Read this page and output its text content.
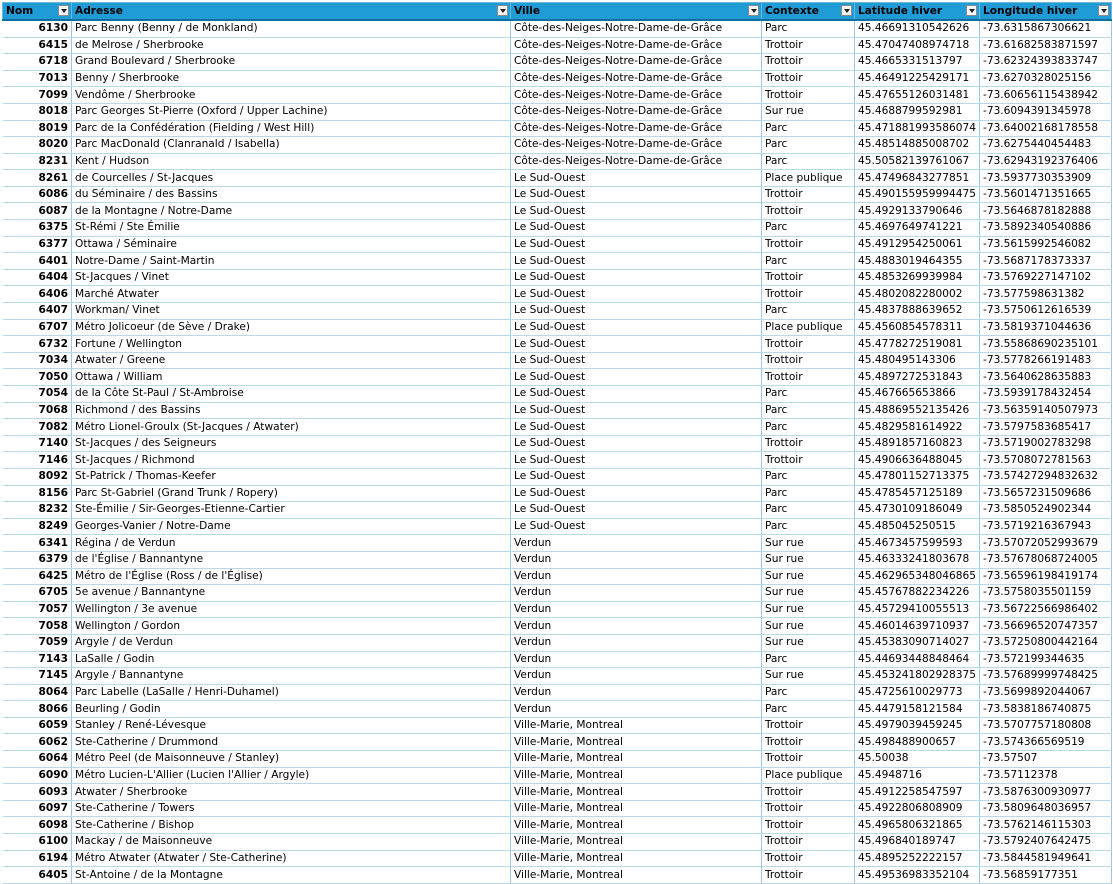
Nom	Adresse	Ville	Contexte	Latitude hiver	Longitude hiver

6130	Parc Benny (Benny / de Monkland)	Côte-des-Neiges-Notre-Dame-de-Grâce	Parc	45.46691310542626	-73.6315867306621
6415	de Melrose / Sherbrooke	Côte-des-Neiges-Notre-Dame-de-Grâce	Trottoir	45.47047408974718	-73.61682583871597
6718	Grand Boulevard / Sherbrooke	Côte-des-Neiges-Notre-Dame-de-Grâce	Trottoir	45.4665331513797	-73.62324393833747
7013	Benny / Sherbrooke	Côte-des-Neiges-Notre-Dame-de-Grâce	Trottoir	45.46491225429171	-73.6270328025156
7099	Vendôme / Sherbrooke	Côte-des-Neiges-Notre-Dame-de-Grâce	Trottoir	45.47655126031481	-73.60656115438942
8018	Parc Georges St-Pierre (Oxford / Upper Lachine)	Côte-des-Neiges-Notre-Dame-de-Grâce	Sur rue	45.4688799592981	-73.6094391345978
8019	Parc de la Confédération (Fielding / West Hill)	Côte-des-Neiges-Notre-Dame-de-Grâce	Parc	45.471881993586074	-73.64002168178558
8020	Parc MacDonald (Clanranald / Isabella)	Côte-des-Neiges-Notre-Dame-de-Grâce	Parc	45.48514885008702	-73.6275440454483
8231	Kent / Hudson	Côte-des-Neiges-Notre-Dame-de-Grâce	Parc	45.50582139761067	-73.62943192376406
8261	de Courcelles / St-Jacques	Le Sud-Ouest	Place publique	45.47496843277851	-73.5937730353909
6086	du Séminaire / des Bassins	Le Sud-Ouest	Trottoir	45.490155959994475	-73.5601471351665
6087	de la Montagne / Notre-Dame	Le Sud-Ouest	Trottoir	45.4929133790646	-73.5646878182888
6375	St-Rémi / Ste Émilie	Le Sud-Ouest	Parc	45.4697649741221	-73.5892340540886
6377	Ottawa / Séminaire	Le Sud-Ouest	Trottoir	45.4912954250061	-73.5615992546082
6401	Notre-Dame / Saint-Martin	Le Sud-Ouest	Parc	45.4883019464355	-73.5687178373337
6404	St-Jacques / Vinet	Le Sud-Ouest	Trottoir	45.4853269939984	-73.5769227147102
6406	Marché Atwater	Le Sud-Ouest	Trottoir	45.4802082280002	-73.577598631382
6407	Workman/ Vinet	Le Sud-Ouest	Parc	45.4837888639652	-73.5750612616539
6707	Métro Jolicoeur (de Sève / Drake)	Le Sud-Ouest	Place publique	45.4560854578311	-73.5819371044636
6732	Fortune / Wellington	Le Sud-Ouest	Trottoir	45.4778272519081	-73.55868690235101
7034	Atwater / Greene	Le Sud-Ouest	Trottoir	45.480495143306	-73.5778266191483
7050	Ottawa / William	Le Sud-Ouest	Trottoir	45.4897272531843	-73.5640628635883
7054	de la Côte St-Paul / St-Ambroise	Le Sud-Ouest	Parc	45.467665653866	-73.5939178432454
7068	Richmond / des Bassins	Le Sud-Ouest	Parc	45.48869552135426	-73.56359140507973
7082	Métro Lionel-Groulx (St-Jacques / Atwater)	Le Sud-Ouest	Parc	45.4829581614922	-73.5797583685417
7140	St-Jacques / des Seigneurs	Le Sud-Ouest	Trottoir	45.4891857160823	-73.5719002783298
7146	St-Jacques / Richmond	Le Sud-Ouest	Trottoir	45.4906636488045	-73.5708072781563
8092	St-Patrick / Thomas-Keefer	Le Sud-Ouest	Parc	45.47801152713375	-73.57427294832632
8156	Parc St-Gabriel (Grand Trunk / Ropery)	Le Sud-Ouest	Parc	45.4785457125189	-73.5657231509686
8232	Ste-Émilie / Sir-Georges-Etienne-Cartier	Le Sud-Ouest	Parc	45.4730109186049	-73.5850524902344
8249	Georges-Vanier / Notre-Dame	Le Sud-Ouest	Parc	45.485045250515	-73.5719216367943
6341	Régina / de Verdun	Verdun	Sur rue	45.4673457599593	-73.57072052993679
6379	de l'Église / Bannantyne	Verdun	Sur rue	45.46333241803678	-73.57678068724005
6425	Métro de l'Église (Ross / de l'Église)	Verdun	Sur rue	45.462965348046865	-73.56596198419174
6705	5e avenue / Bannantyne	Verdun	Sur rue	45.45767882234226	-73.5758035501159
7057	Wellington / 3e avenue	Verdun	Sur rue	45.45729410055513	-73.56722566986402
7058	Wellington / Gordon	Verdun	Sur rue	45.46014639710937	-73.56696520747357
7059	Argyle / de Verdun	Verdun	Sur rue	45.45383090714027	-73.57250800442164
7143	LaSalle / Godin	Verdun	Parc	45.44693448848464	-73.572199344635
7145	Argyle / Bannantyne	Verdun	Sur rue	45.453241802928375	-73.57689999748425
8064	Parc Labelle (LaSalle / Henri-Duhamel)	Verdun	Parc	45.4725610029773	-73.5699892044067
8066	Beurling / Godin	Verdun	Parc	45.4479158121584	-73.5838186740875
6059	Stanley / René-Lévesque	Ville-Marie, Montreal	Trottoir	45.4979039459245	-73.5707757180808
6062	Ste-Catherine / Drummond	Ville-Marie, Montreal	Trottoir	45.498488900657	-73.574366569519
6064	Métro Peel (de Maisonneuve / Stanley)	Ville-Marie, Montreal	Trottoir	45.50038	-73.57507
6090	Métro Lucien-L'Allier (Lucien l'Allier / Argyle)	Ville-Marie, Montreal	Place publique	45.4948716	-73.57112378
6093	Atwater / Sherbrooke	Ville-Marie, Montreal	Trottoir	45.4912258547597	-73.5876300930977
6097	Ste-Catherine / Towers	Ville-Marie, Montreal	Trottoir	45.4922806808909	-73.5809648036957
6098	Ste-Catherine / Bishop	Ville-Marie, Montreal	Trottoir	45.4965806321865	-73.5762146115303
6100	Mackay / de Maisonneuve	Ville-Marie, Montreal	Trottoir	45.496840189747	-73.5792407642475
6194	Métro Atwater (Atwater / Ste-Catherine)	Ville-Marie, Montreal	Trottoir	45.4895252222157	-73.5844581949641
6405	St-Antoine / de la Montagne	Ville-Marie, Montreal	Trottoir	45.49536983352104	-73.56859177351
